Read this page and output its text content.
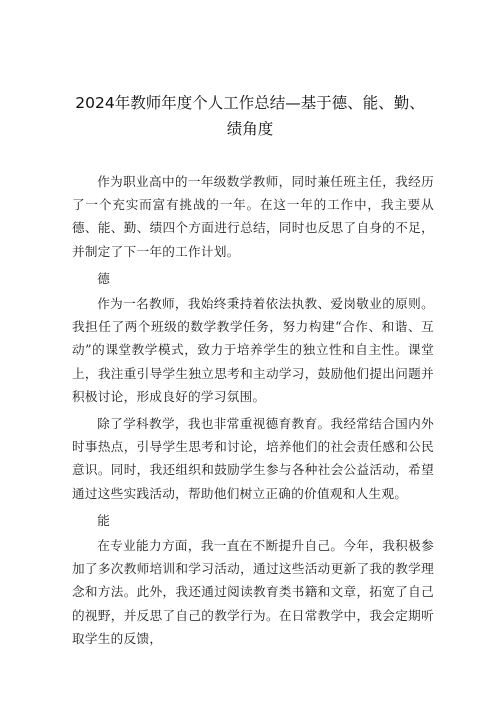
2024年教师年度个人工作总结—基于德、能、勤、绩角度

作为职业高中的一年级数学教师，同时兼任班主任，我经历了一个充实而富有挑战的一年。在这一年的工作中，我主要从德、能、勤、绩四个方面进行总结，同时也反思了自身的不足，并制定了下一年的工作计划。

德

作为一名教师，我始终秉持着依法执教、爱岗敬业的原则。我担任了两个班级的数学教学任务，努力构建“合作、和谐、互动”的课堂教学模式，致力于培养学生的独立性和自主性。课堂上，我注重引导学生独立思考和主动学习，鼓励他们提出问题并积极讨论，形成良好的学习氛围。

除了学科教学，我也非常重视德育教育。我经常结合国内外时事热点，引导学生思考和讨论，培养他们的社会责任感和公民意识。同时，我还组织和鼓励学生参与各种社会公益活动，希望通过这些实践活动，帮助他们树立正确的价值观和人生观。

能

在专业能力方面，我一直在不断提升自己。今年，我积极参加了多次教师培训和学习活动，通过这些活动更新了我的教学理念和方法。此外，我还通过阅读教育类书籍和文章，拓宽了自己的视野，并反思了自己的教学行为。在日常教学中，我会定期听取学生的反馈，
